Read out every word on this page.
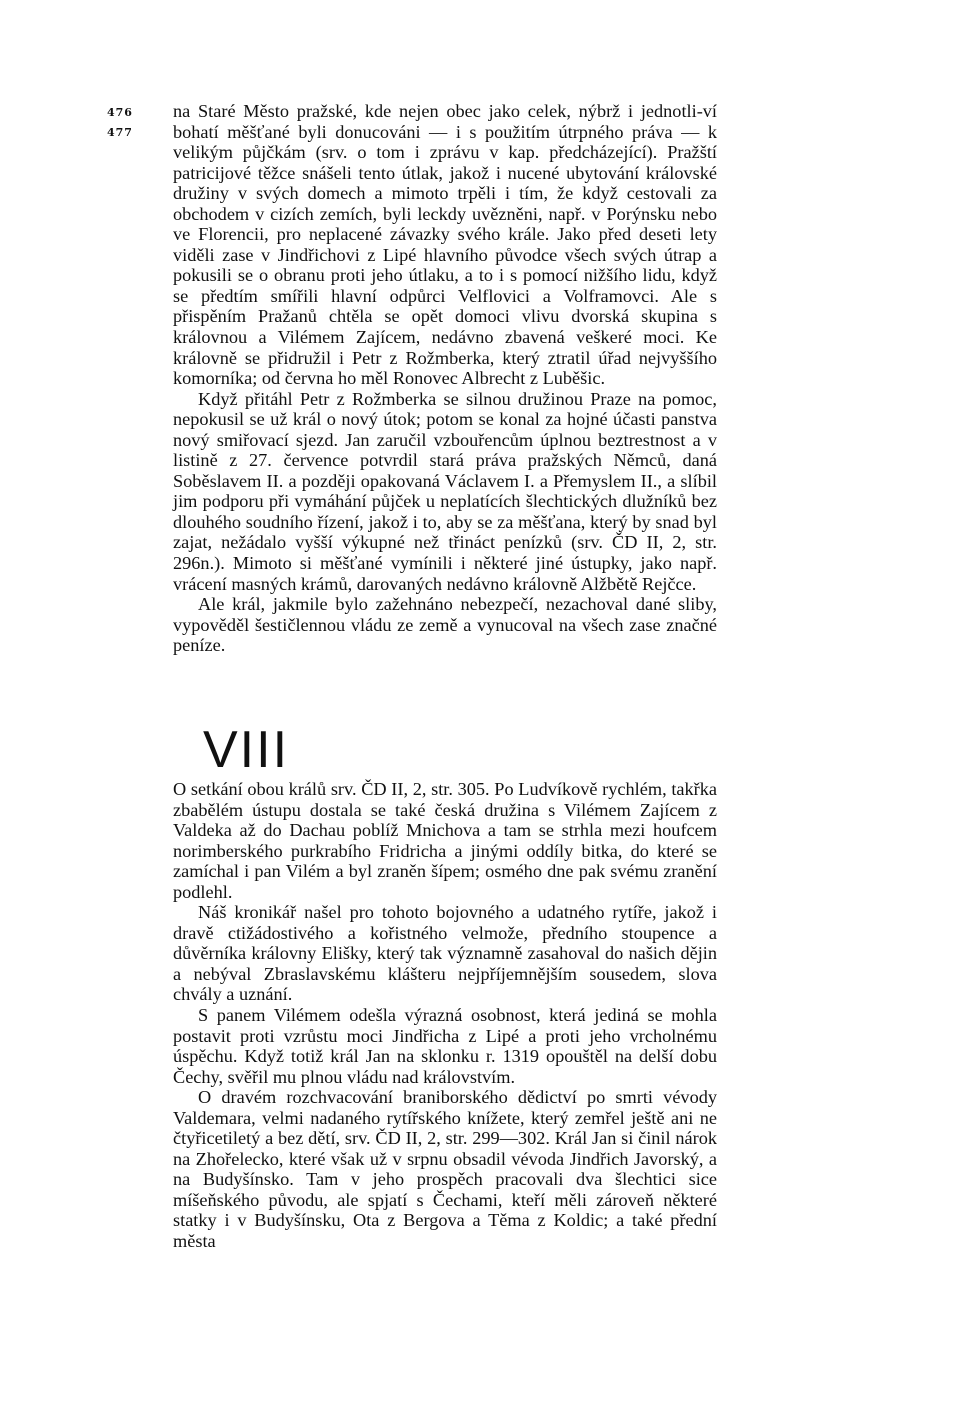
476
477

na Staré Město pražské, kde nejen obec jako celek, nýbrž i jednotli-ví bohatí měšťané byli donucováni — i s použitím útrpného práva — k velikým půjčkám (srv. o tom i zprávu v kap. předcházející). Pražští patricijové těžce snášeli tento útlak, jakož i nucené ubytování královské družiny v svých domech a mimoto trpěli i tím, že když cestovali za obchodem v cizích zemích, byli leckdy uvězněni, např. v Porýnsku nebo ve Florencii, pro neplacené závazky svého krále. Jako před deseti lety viděli zase v Jindřichovi z Lipé hlavního původce všech svých útrap a pokusili se o obranu proti jeho útlaku, a to i s pomocí nižšího lidu, když se předtím smířili hlavní odpůrci Velflovici a Volframovci. Ale s přispěním Pražanů chtěla se opět domoci vlivu dvorská skupina s královnou a Vilémem Zajícem, nedávno zbavená veškeré moci. Ke královně se přidružil i Petr z Rožmberka, který ztratil úřad nejvyššího komorníka; od června ho měl Ronovec Albrecht z Luběšic.

Když přitáhl Petr z Rožmberka se silnou družinou Praze na pomoc, nepokusil se už král o nový útok; potom se konal za hojné účasti panstva nový smiřovací sjezd. Jan zaručil vzbouřencům úplnou beztrestnost a v listině z 27. července potvrdil stará práva pražských Němců, daná Soběslavem II. a později opakovaná Václavem I. a Přemyslem II., a slíbil jim podporu při vymáhání půjček u neplatících šlechtických dlužníků bez dlouhého soudního řízení, jakož i to, aby se za měšťana, který by snad byl zajat, nežádalo vyšší výkupné než třináct penízků (srv. ČD II, 2, str. 296n.). Mimoto si měšťané vymínili i některé jiné ústupky, jako např. vrácení masných krámů, darovaných nedávno královně Alžbětě Rejčce.

Ale král, jakmile bylo zažehnáno nebezpečí, nezachoval dané sliby, vypověděl šestičlennou vládu ze země a vynucoval na všech zase značné peníze.

VIII

O setkání obou králů srv. ČD II, 2, str. 305. Po Ludvíkově rychlém, takřka zbabělém ústupu dostala se také česká družina s Vilémem Zajícem z Valdeka až do Dachau poblíž Mnichova a tam se strhla mezi houfcem norimberského purkrabího Fridricha a jinými oddíly bitka, do které se zamíchal i pan Vilém a byl zraněn šípem; osmého dne pak svému zranění podlehl.

Náš kronikář našel pro tohoto bojovného a udatného rytíře, jakož i dravě ctižádostivého a kořistného velmože, předního stoupence a důvěrníka královny Elišky, který tak významně zasahoval do našich dějin a nebýval Zbraslavskému klášteru nejpříjemnějším sousedem, slova chvály a uznání.

S panem Vilémem odešla výrazná osobnost, která jediná se mohla postavit proti vzrůstu moci Jindřicha z Lipé a proti jeho vrcholnému úspěchu. Když totiž král Jan na sklonku r. 1319 opouštěl na delší dobu Čechy, svěřil mu plnou vládu nad královstvím.

O dravém rozchvacování braniborského dědictví po smrti vévody Valdemara, velmi nadaného rytířského knížete, který zemřel ještě ani ne čtyřicetiletý a bez dětí, srv. ČD II, 2, str. 299—302. Král Jan si činil nárok na Zhořelecko, které však už v srpnu obsadil vévoda Jindřich Javorský, a na Budyšínsko. Tam v jeho prospěch pracovali dva šlechtici sice míšeňského původu, ale spjatí s Čechami, kteří měli zároveň některé statky i v Budyšínsku, Ota z Bergova a Těma z Koldic; a také přední města
